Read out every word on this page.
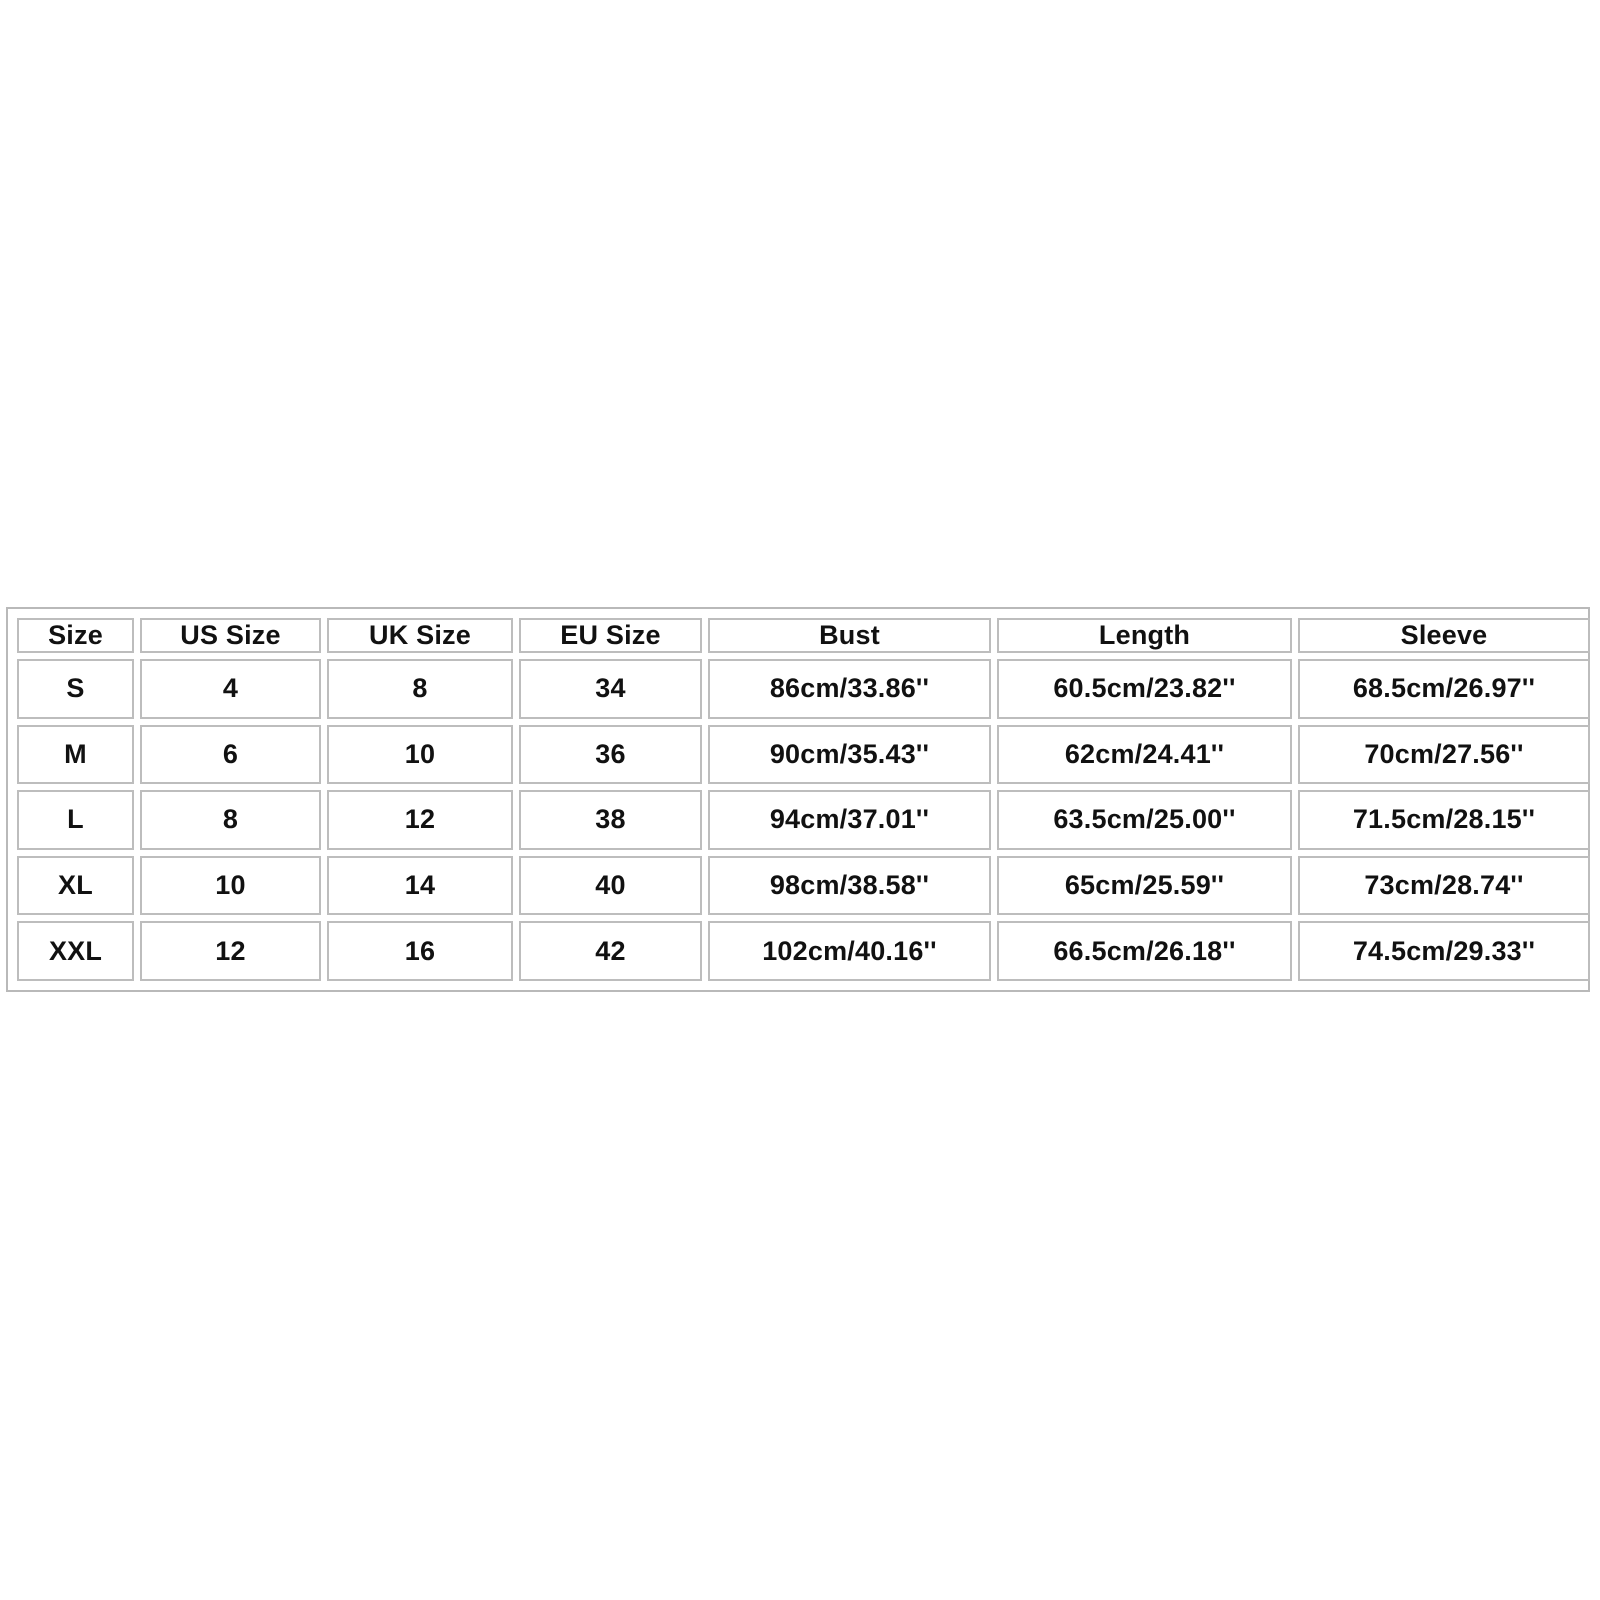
Size	US Size	UK Size	EU Size	Bust	Length	Sleeve
S	4	8	34	86cm/33.86''	60.5cm/23.82''	68.5cm/26.97''
M	6	10	36	90cm/35.43''	62cm/24.41''	70cm/27.56''
L	8	12	38	94cm/37.01''	63.5cm/25.00''	71.5cm/28.15''
XL	10	14	40	98cm/38.58''	65cm/25.59''	73cm/28.74''
XXL	12	16	42	102cm/40.16''	66.5cm/26.18''	74.5cm/29.33''
